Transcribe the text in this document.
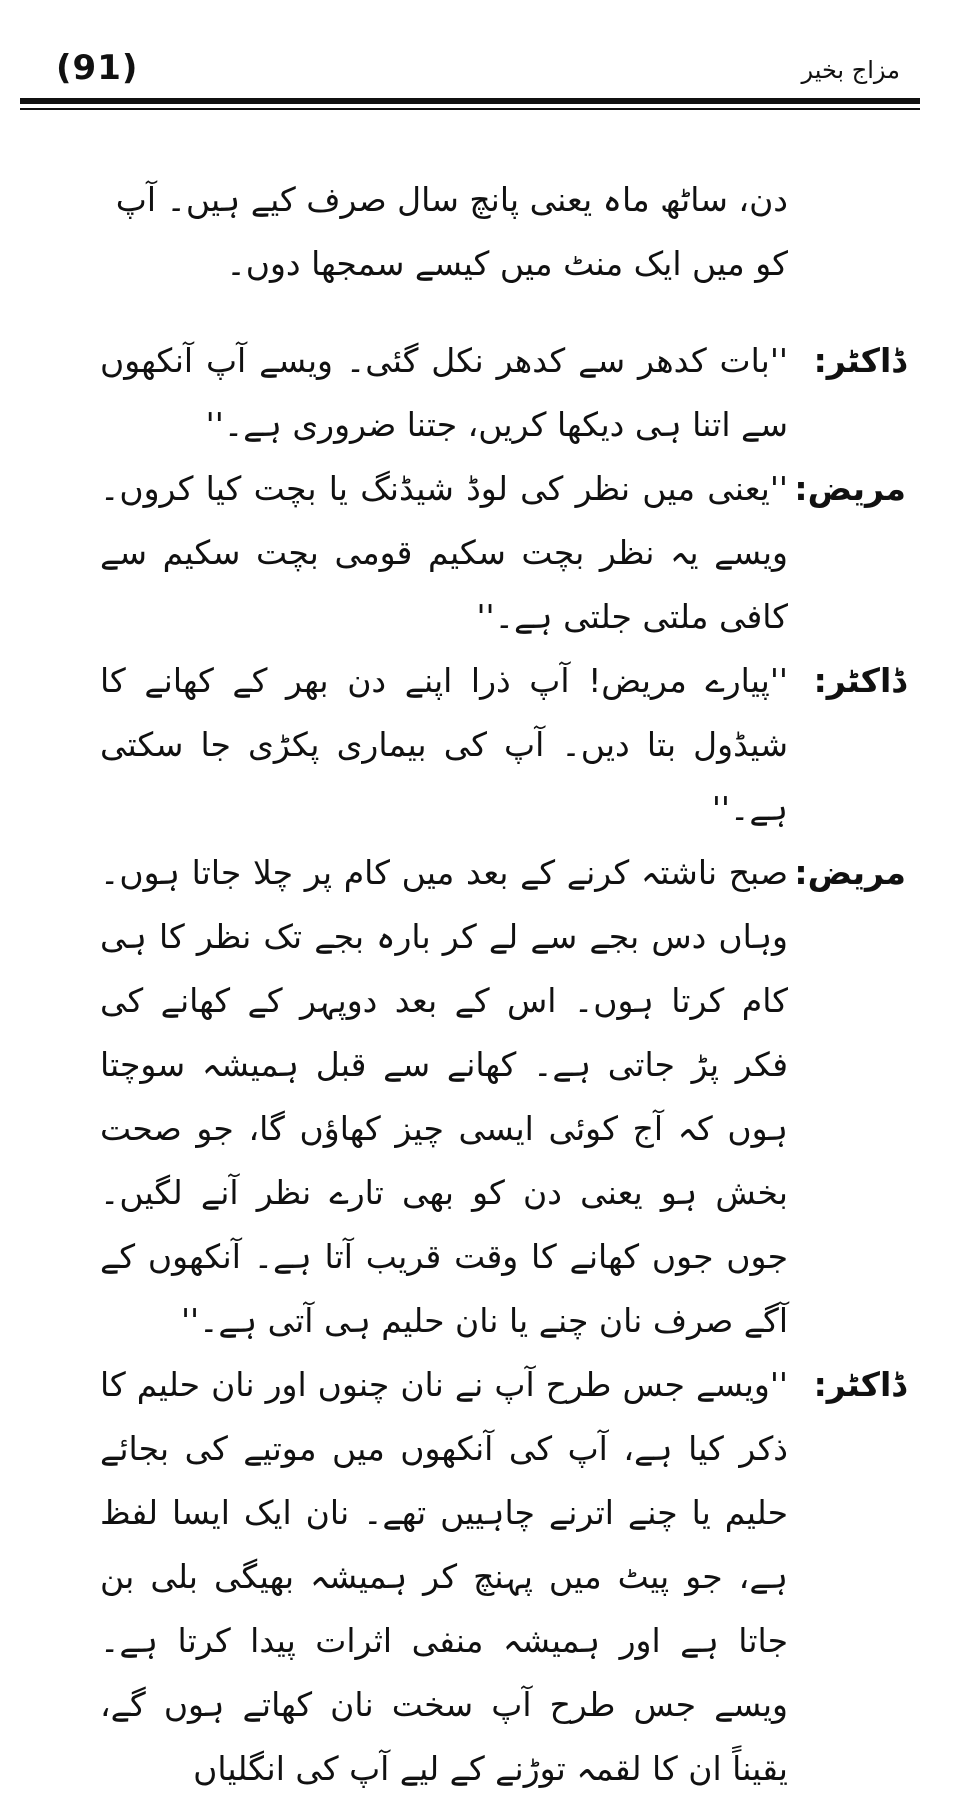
(91)	مزاج بخیر

دن، ساٹھ ماہ یعنی پانچ سال صرف کیے ہیں۔ آپ کو میں ایک منٹ میں کیسے سمجھا دوں۔

ڈاکٹر:
''بات کدھر سے کدھر نکل گئی۔ ویسے آپ آنکھوں سے اتنا ہی دیکھا کریں، جتنا ضروری ہے۔''
مریض:
''یعنی میں نظر کی لوڈ شیڈنگ یا بچت کیا کروں۔ ویسے یہ نظر بچت سکیم قومی بچت سکیم سے کافی ملتی جلتی ہے۔''
ڈاکٹر:
''پیارے مریض! آپ ذرا اپنے دن بھر کے کھانے کا شیڈول بتا دیں۔ آپ کی بیماری پکڑی جا سکتی ہے۔''
مریض:
صبح ناشتہ کرنے کے بعد میں کام پر چلا جاتا ہوں۔ وہاں دس بجے سے لے کر بارہ بجے تک نظر کا ہی کام کرتا ہوں۔ اس کے بعد دوپہر کے کھانے کی فکر پڑ جاتی ہے۔ کھانے سے قبل ہمیشہ سوچتا ہوں کہ آج کوئی ایسی چیز کھاؤں گا، جو صحت بخش ہو یعنی دن کو بھی تارے نظر آنے لگیں۔ جوں جوں کھانے کا وقت قریب آتا ہے۔ آنکھوں کے آگے صرف نان چنے یا نان حلیم ہی آتی ہے۔''
ڈاکٹر:
''ویسے جس طرح آپ نے نان چنوں اور نان حلیم کا ذکر کیا ہے، آپ کی آنکھوں میں موتیے کی بجائے حلیم یا چنے اترنے چاہییں تھے۔ نان ایک ایسا لفظ ہے، جو پیٹ میں پہنچ کر ہمیشہ بھیگی بلی بن جاتا ہے اور ہمیشہ منفی اثرات پیدا کرتا ہے۔ ویسے جس طرح آپ سخت نان کھاتے ہوں گے، یقیناً ان کا لقمہ توڑنے کے لیے آپ کی انگلیاں
